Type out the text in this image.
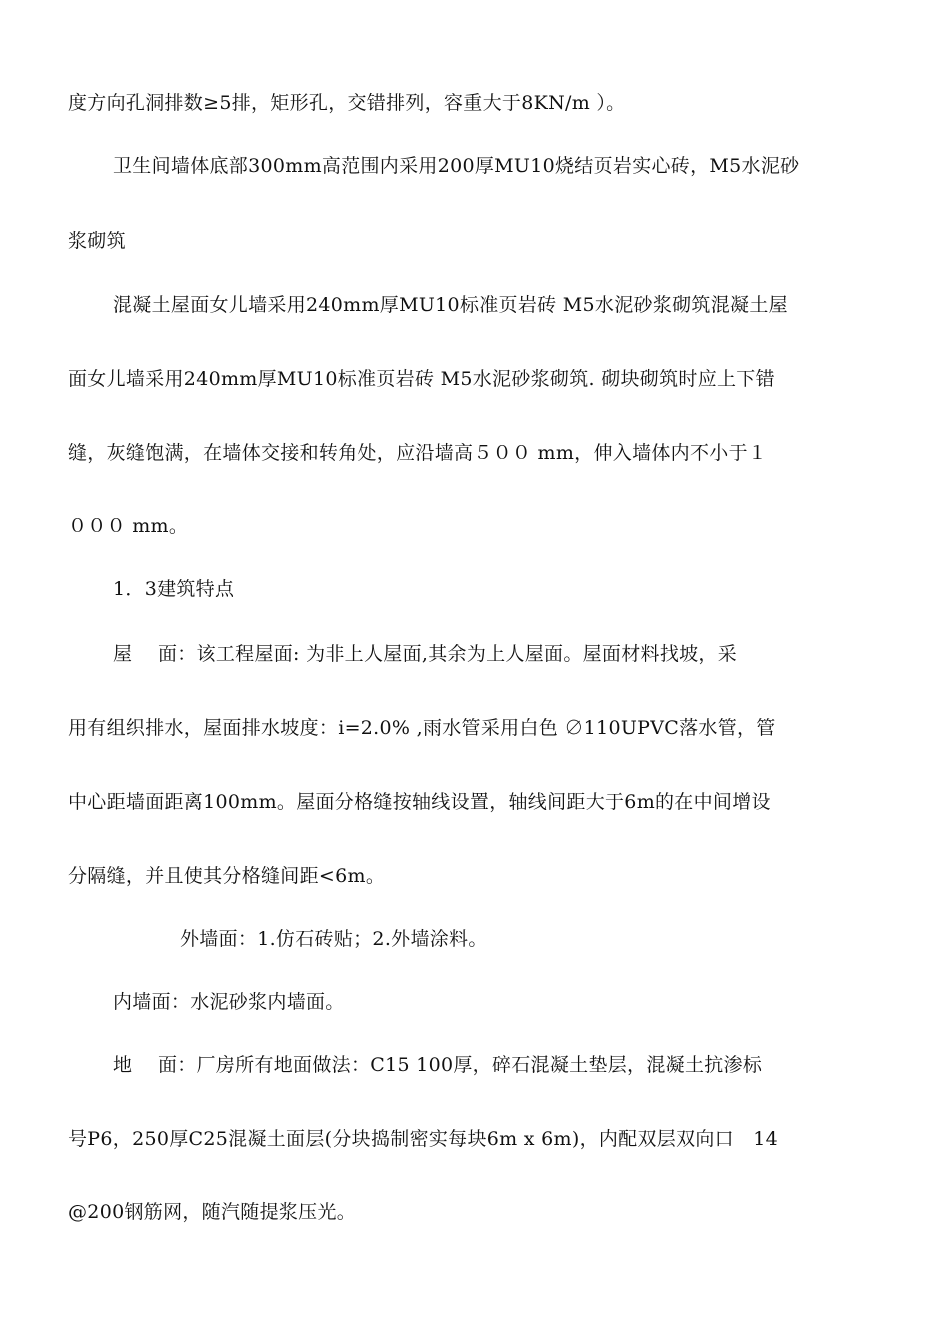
度方向孔洞排数≥5排，矩形孔，交错排列，容重大于8KN/m ）。
卫生间墙体底部300mm高范围内采用200厚MU10烧结页岩实心砖，M5水泥砂
浆砌筑
混凝土屋面女儿墙采用240mm厚MU10标准页岩砖 M5水泥砂浆砌筑混凝土屋
面女儿墙采用240mm厚MU10标准页岩砖 M5水泥砂浆砌筑. 砌块砌筑时应上下错
缝，灰缝饱满，在墙体交接和转角处，应沿墙高５００ mm，伸入墙体内不小于１
０００ mm。
1．3建筑特点
屋　 面：该工程屋面: 为非上人屋面,其余为上人屋面。屋面材料找坡，采
用有组织排水，屋面排水坡度：i=2.0% ,雨水管采用白色 ∅110UPVC落水管，管
中心距墙面距离100mm。屋面分格缝按轴线设置，轴线间距大于6m的在中间增设
分隔缝，并且使其分格缝间距<6m。
外墙面：1.仿石砖贴；2.外墙涂料。
内墙面：水泥砂浆内墙面。
地　 面：厂房所有地面做法：C15 100厚，碎石混凝土垫层，混凝土抗渗标
号P6，250厚C25混凝土面层(分块捣制密实每块6m x 6m)，内配双层双向口　14
@200钢筋网，随汽随提浆压光。
